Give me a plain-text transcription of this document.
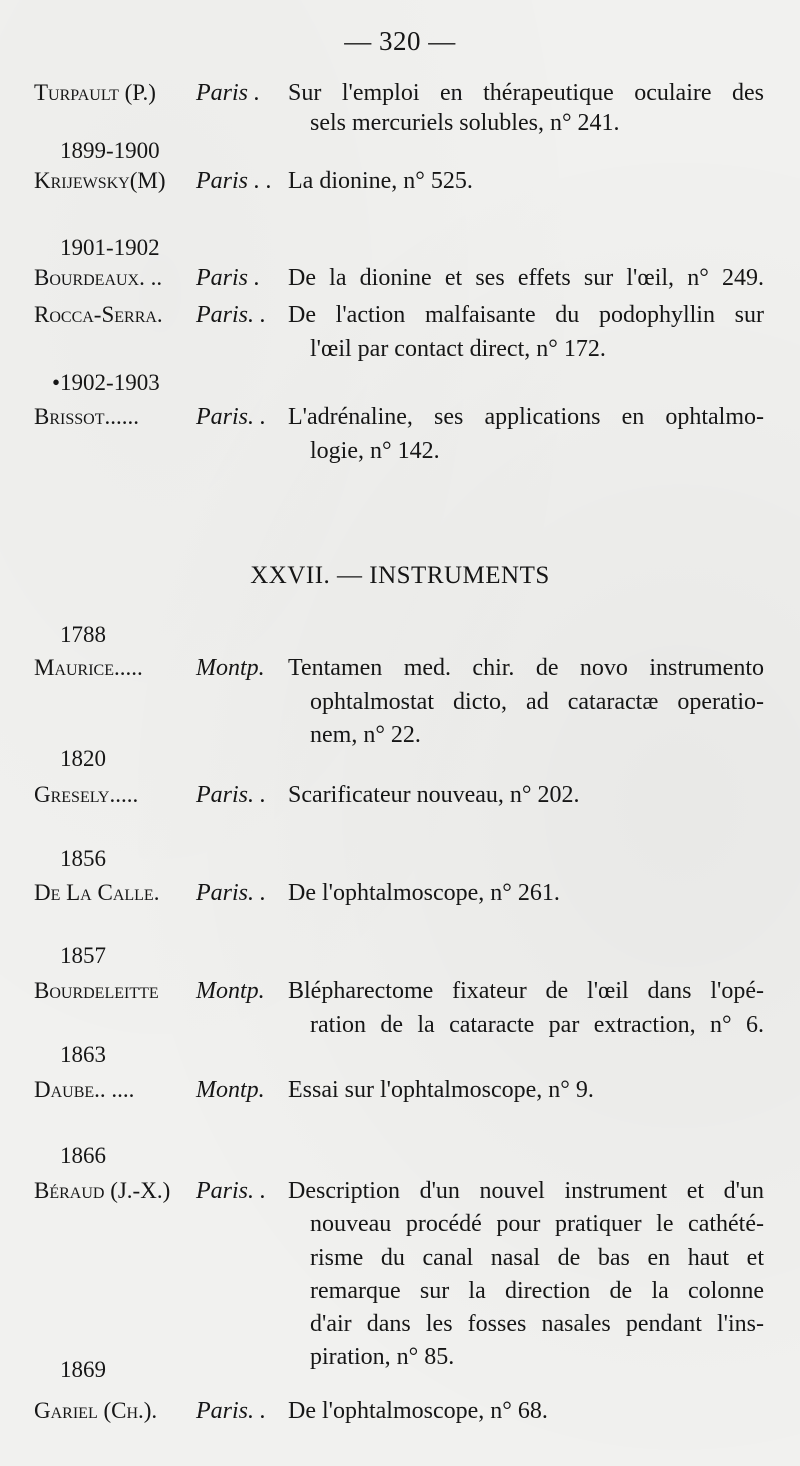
— 320 —
Turpault (P.) Paris . Sur l'emploi en thérapeutique oculaire des
sels mercuriels solubles, n° 241.
1899-1900
Krijewsky(M) Paris . . La dionine, n° 525.
1901-1902
Bourdeaux. .. Paris . De la dionine et ses effets sur l'œil, n° 249.
Rocca-Serra. Paris. . De l'action malfaisante du podophyllin sur
l'œil par contact direct, n° 172.
•1902-1903
Brissot...... Paris. . L'adrénaline, ses applications en ophtalmo-
logie, n° 142.
XXVII. — INSTRUMENTS
1788
Maurice..... Montp. Tentamen med. chir. de novo instrumento
ophtalmostat dicto, ad cataractæ operatio-
nem, n° 22.
1820
Gresely..... Paris. . Scarificateur nouveau, n° 202.
1856
De La Calle. Paris. . De l'ophtalmoscope, n° 261.
1857
Bourdeleitte Montp. Blépharectome fixateur de l'œil dans l'opé-
ration de la cataracte par extraction, n° 6.
1863
Daube.. ....	Montp. Essai sur l'ophtalmoscope, n° 9.
1866
Béraud (J.-X.) Paris. . Description d'un nouvel instrument et d'un
nouveau procédé pour pratiquer le cathété-
risme du canal nasal de bas en haut et
remarque sur la direction de la colonne
d'air dans les fosses nasales pendant l'ins-
piration, n° 85.
1869
Gariel (Ch.). Paris. . De l'ophtalmoscope, n° 68.
